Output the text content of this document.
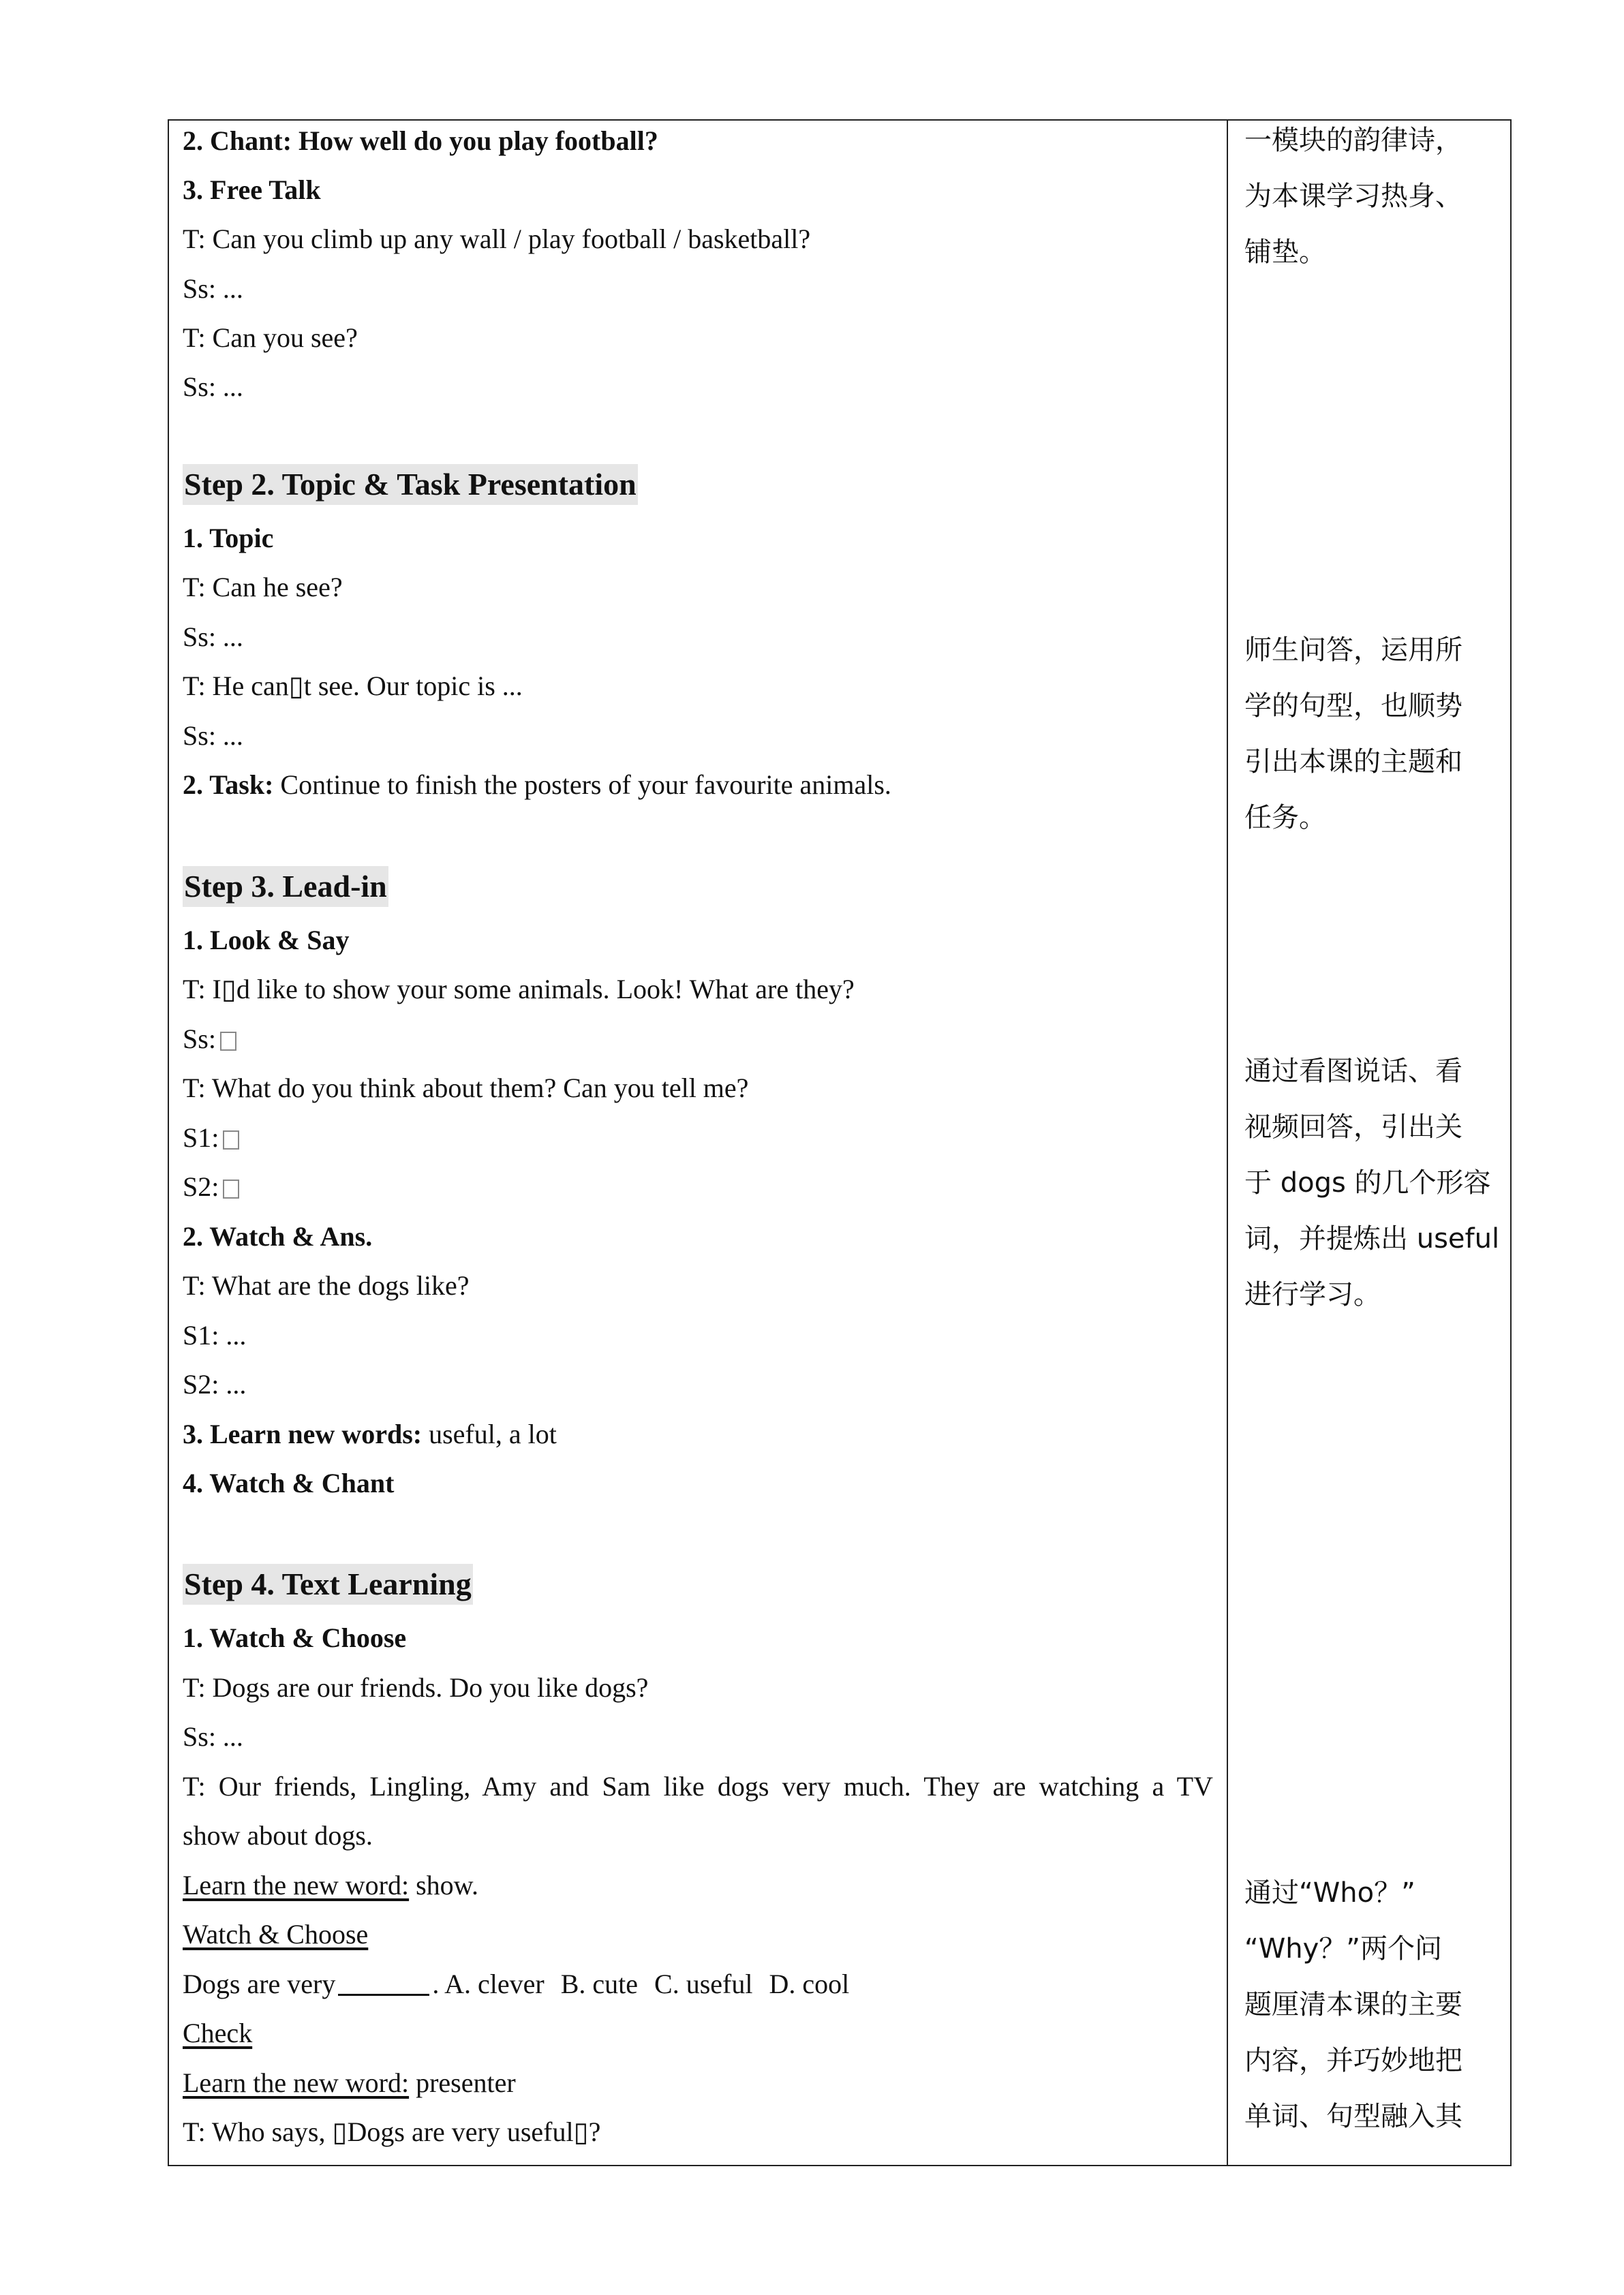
2. Chant: How well do you play football?
3. Free Talk
T: Can you climb up any wall / play football / basketball?
Ss: ...
T: Can you see?
Ss: ...
Step 2. Topic & Task Presentation
1. Topic
T: Can he see?
Ss: ...
T: He can▯t see. Our topic is ...
Ss: ...
2. Task: Continue to finish the posters of your favourite animals.
Step 3. Lead-in
1. Look & Say
T: I▯d like to show your some animals. Look! What are they?
Ss:
T: What do you think about them? Can you tell me?
S1:
S2:
2. Watch & Ans.
T: What are the dogs like?
S1: ...
S2: ...
3. Learn new words: useful, a lot
4. Watch & Chant
Step 4. Text Learning
1. Watch & Choose
T: Dogs are our friends. Do you like dogs?
Ss: ...
T: Our friends, Lingling, Amy and Sam like dogs very much. They are watching a TV
show about dogs.
Learn the new word: show.
Watch & Choose
Dogs are very	. A. clever B. cute C. useful D. cool
Check
Learn the new word: presenter
T: Who says, ▯Dogs are very useful▯?
一模块的韵律诗，
为本课学习热身、
铺垫。
师生问答，运用所
学的句型，也顺势
引出本课的主题和
任务。
通过看图说话、看
视频回答，引出关
于 dogs 的几个形容
词，并提炼出 useful
进行学习。
通过“Who？”
“Why？”两个问
题厘清本课的主要
内容，并巧妙地把
单词、句型融入其
